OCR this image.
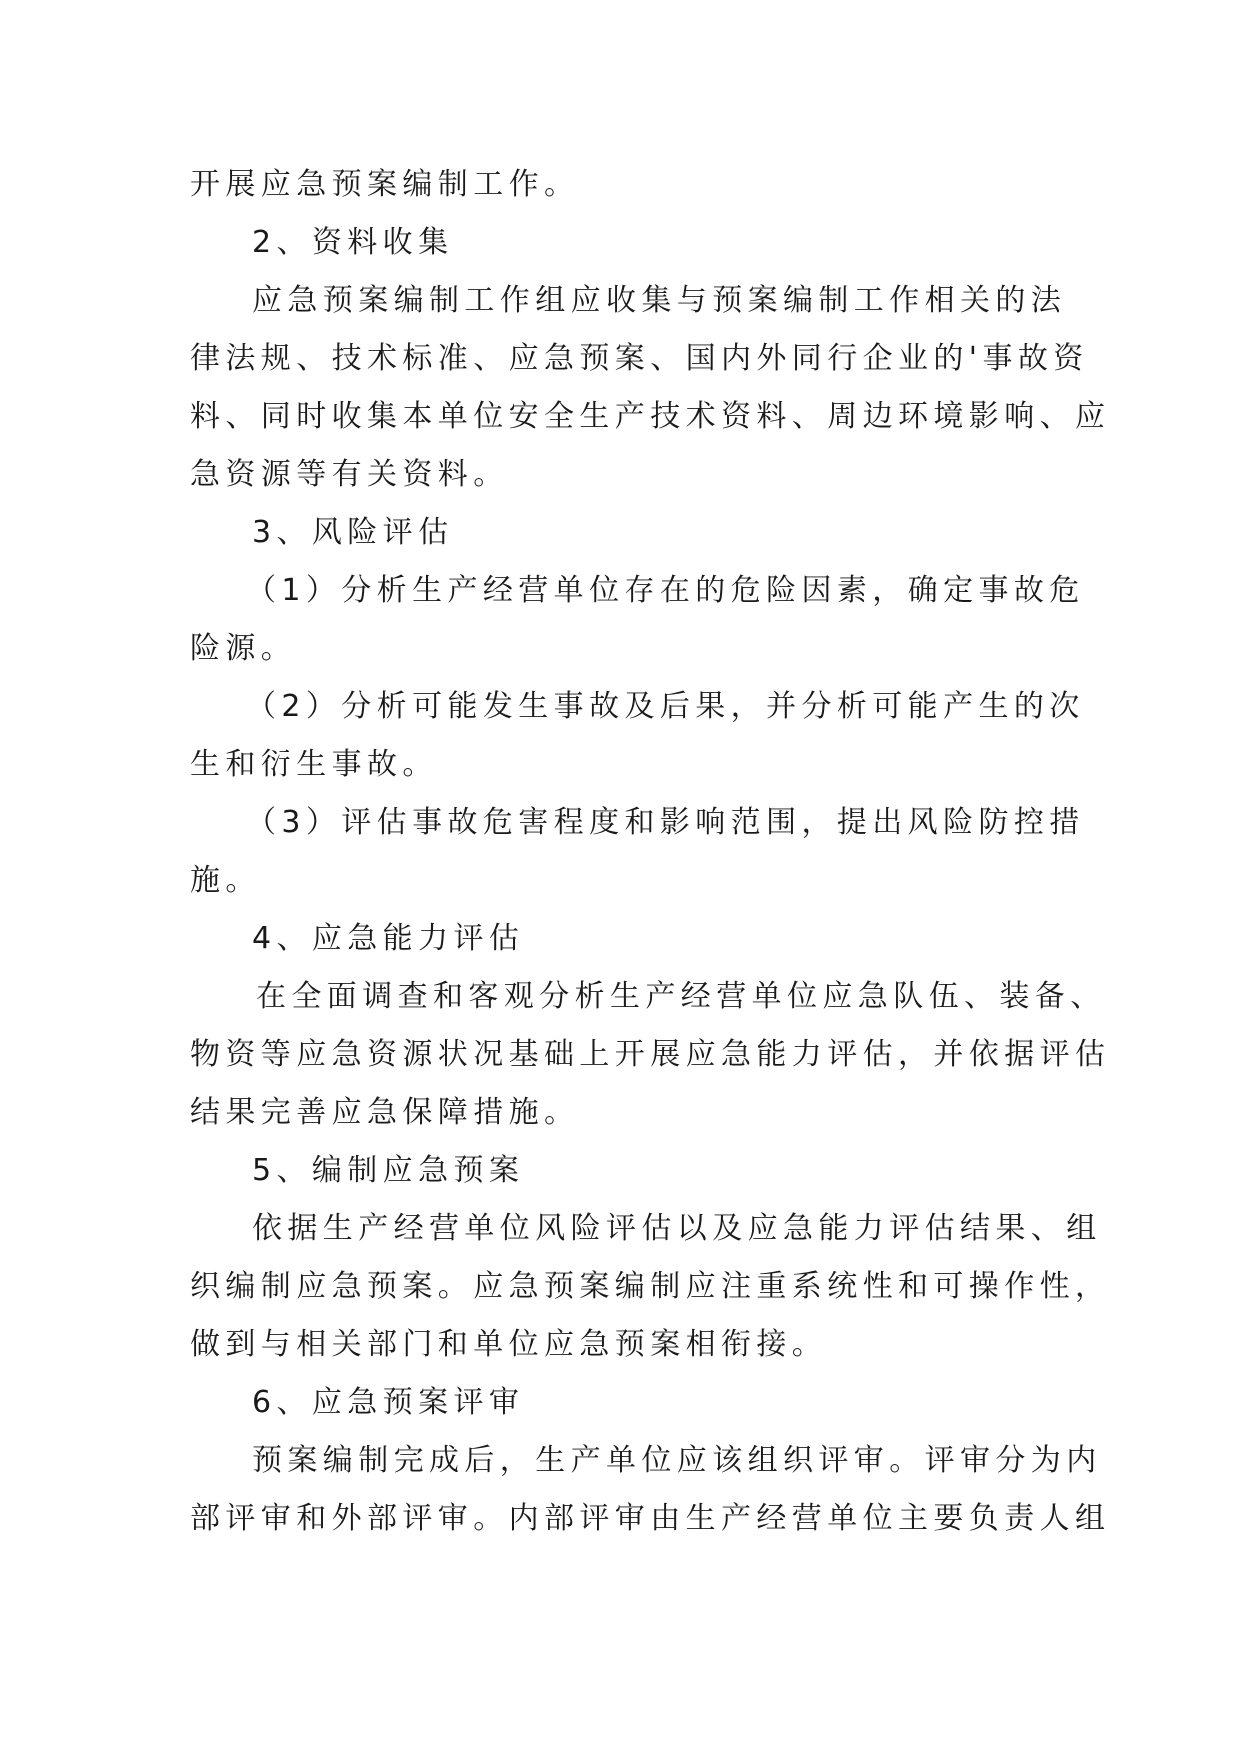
开展应急预案编制工作。
2、资料收集
应急预案编制工作组应收集与预案编制工作相关的法
律法规、技术标准、应急预案、国内外同行企业的'事故资
料、同时收集本单位安全生产技术资料、周边环境影响、应
急资源等有关资料。
3、风险评估
（1）分析生产经营单位存在的危险因素，确定事故危
险源。
（2）分析可能发生事故及后果，并分析可能产生的次
生和衍生事故。
（3）评估事故危害程度和影响范围，提出风险防控措
施。
4、应急能力评估
在全面调查和客观分析生产经营单位应急队伍、装备、
物资等应急资源状况基础上开展应急能力评估，并依据评估
结果完善应急保障措施。
5、编制应急预案
依据生产经营单位风险评估以及应急能力评估结果、组
织编制应急预案。应急预案编制应注重系统性和可操作性，
做到与相关部门和单位应急预案相衔接。
6、应急预案评审
预案编制完成后，生产单位应该组织评审。评审分为内
部评审和外部评审。内部评审由生产经营单位主要负责人组
